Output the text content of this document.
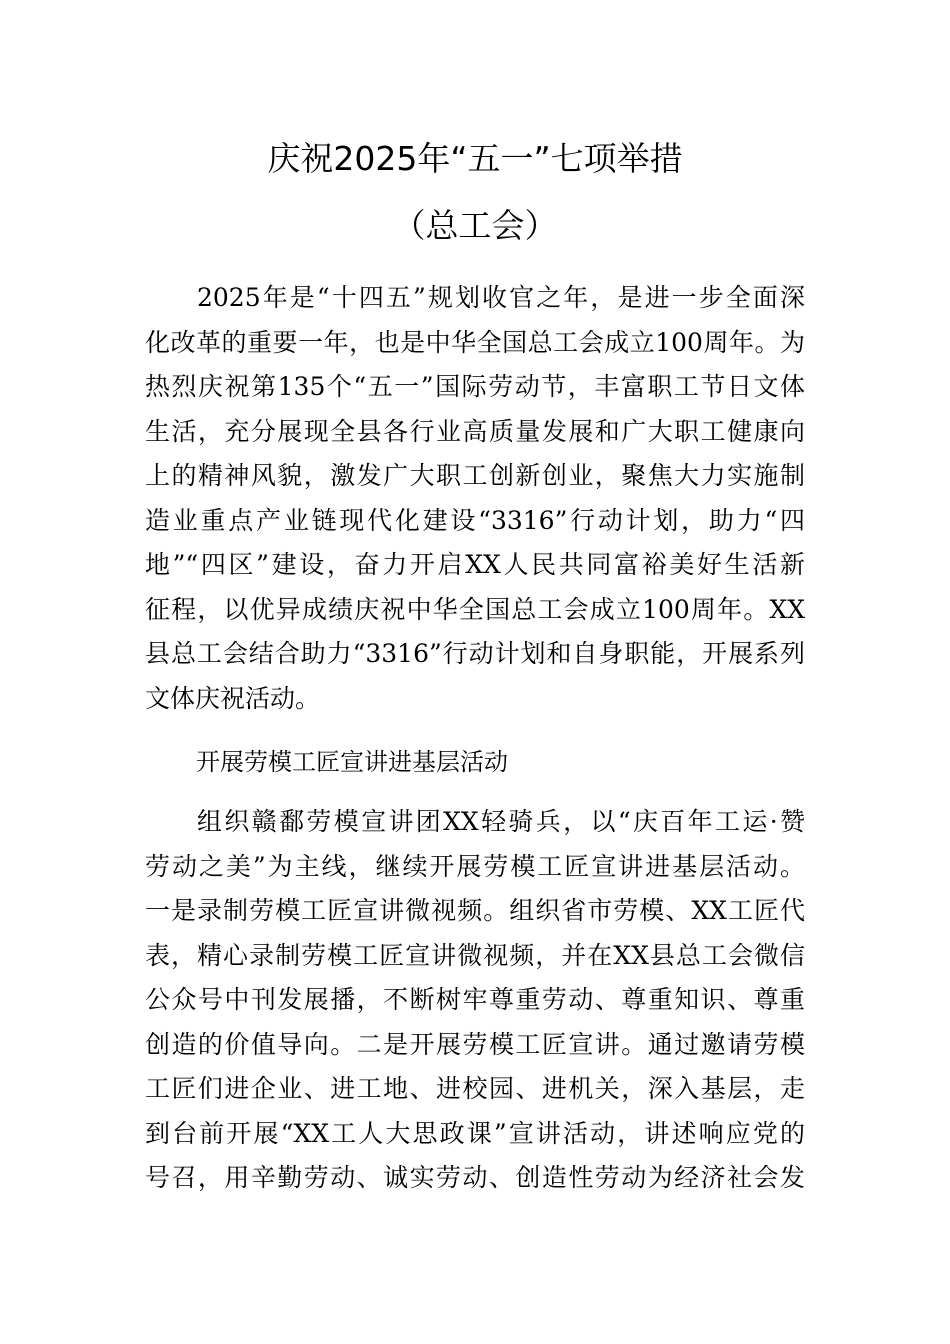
庆祝2025年“五一”七项举措
（总工会）
2025年是“十四五”规划收官之年，是进一步全面深
化改革的重要一年，也是中华全国总工会成立100周年。为
热烈庆祝第135个“五一”国际劳动节，丰富职工节日文体
生活，充分展现全县各行业高质量发展和广大职工健康向
上的精神风貌，激发广大职工创新创业，聚焦大力实施制
造业重点产业链现代化建设“3316”行动计划，助力“四
地”“四区”建设，奋力开启XX人民共同富裕美好生活新
征程，以优异成绩庆祝中华全国总工会成立100周年。XX
县总工会结合助力“3316”行动计划和自身职能，开展系列
文体庆祝活动。
开展劳模工匠宣讲进基层活动
组织赣鄱劳模宣讲团XX轻骑兵，以“庆百年工运·赞
劳动之美”为主线，继续开展劳模工匠宣讲进基层活动。
一是录制劳模工匠宣讲微视频。组织省市劳模、XX工匠代
表，精心录制劳模工匠宣讲微视频，并在XX县总工会微信
公众号中刊发展播，不断树牢尊重劳动、尊重知识、尊重
创造的价值导向。二是开展劳模工匠宣讲。通过邀请劳模
工匠们进企业、进工地、进校园、进机关，深入基层，走
到台前开展“XX工人大思政课”宣讲活动，讲述响应党的
号召，用辛勤劳动、诚实劳动、创造性劳动为经济社会发
